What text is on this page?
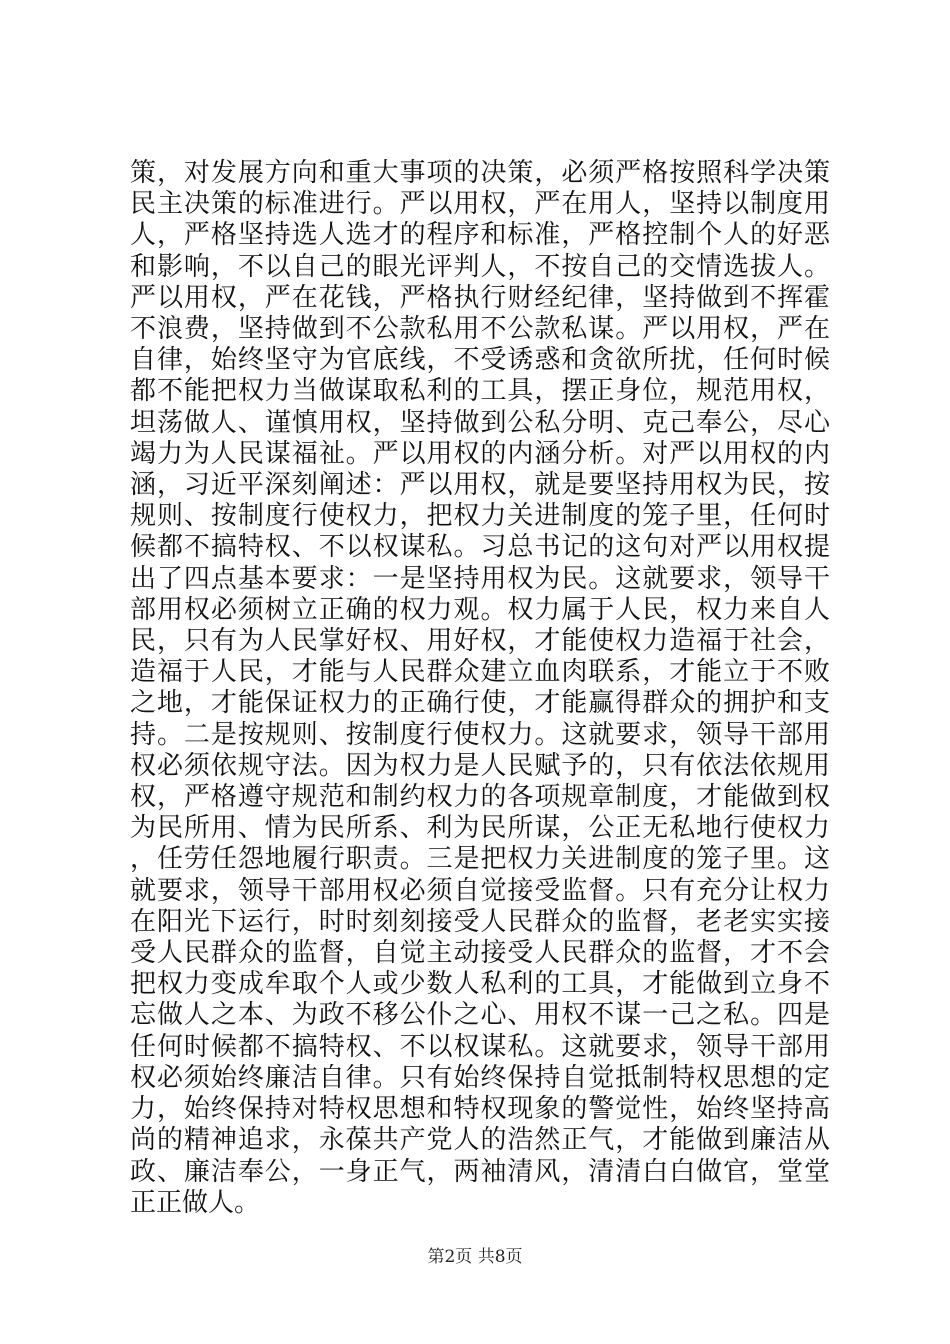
策，对发展方向和重大事项的决策，必须严格按照科学决策民主决策的标准进行。严以用权，严在用人，坚持以制度用人，严格坚持选人选才的程序和标准，严格控制个人的好恶和影响，不以自己的眼光评判人，不按自己的交情选拔人。严以用权，严在花钱，严格执行财经纪律，坚持做到不挥霍不浪费，坚持做到不公款私用不公款私谋。严以用权，严在自律，始终坚守为官底线，不受诱惑和贪欲所扰，任何时候都不能把权力当做谋取私利的工具，摆正身位，规范用权，坦荡做人、谨慎用权，坚持做到公私分明、克己奉公，尽心竭力为人民谋福祉。严以用权的内涵分析。对严以用权的内涵，习近平深刻阐述：严以用权，就是要坚持用权为民，按规则、按制度行使权力，把权力关进制度的笼子里，任何时候都不搞特权、不以权谋私。习总书记的这句对严以用权提出了四点基本要求：一是坚持用权为民。这就要求，领导干部用权必须树立正确的权力观。权力属于人民，权力来自人民，只有为人民掌好权、用好权，才能使权力造福于社会，造福于人民，才能与人民群众建立血肉联系，才能立于不败之地，才能保证权力的正确行使，才能赢得群众的拥护和支持。二是按规则、按制度行使权力。这就要求，领导干部用权必须依规守法。因为权力是人民赋予的，只有依法依规用权，严格遵守规范和制约权力的各项规章制度，才能做到权为民所用、情为民所系、利为民所谋，公正无私地行使权力，任劳任怨地履行职责。三是把权力关进制度的笼子里。这就要求，领导干部用权必须自觉接受监督。只有充分让权力在阳光下运行，时时刻刻接受人民群众的监督，老老实实接受人民群众的监督，自觉主动接受人民群众的监督，才不会把权力变成牟取个人或少数人私利的工具，才能做到立身不忘做人之本、为政不移公仆之心、用权不谋一己之私。四是任何时候都不搞特权、不以权谋私。这就要求，领导干部用权必须始终廉洁自律。只有始终保持自觉抵制特权思想的定力，始终保持对特权思想和特权现象的警觉性，始终坚持高尚的精神追求，永葆共产党人的浩然正气，才能做到廉洁从政、廉洁奉公，一身正气，两袖清风，清清白白做官，堂堂正正做人。

第2页 共8页
